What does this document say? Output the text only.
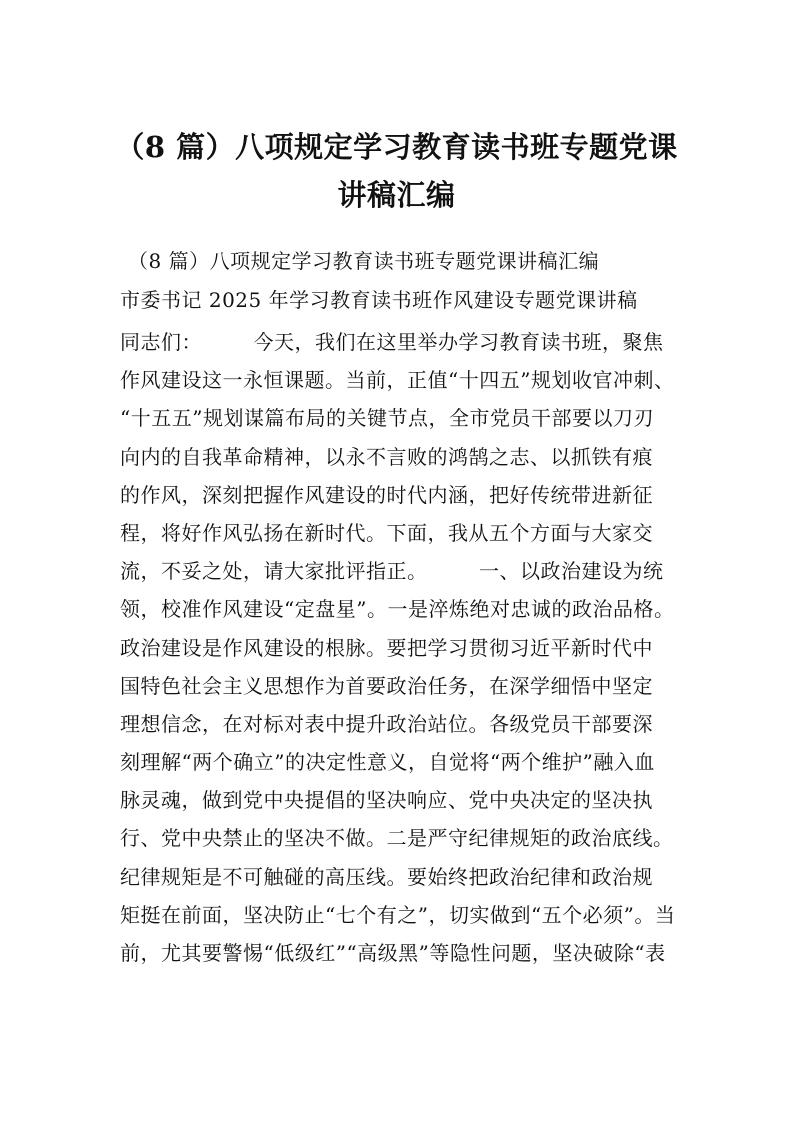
（8 篇）八项规定学习教育读书班专题党课
讲稿汇编

（8 篇）八项规定学习教育读书班专题党课讲稿汇编

市委书记 2025 年学习教育读书班作风建设专题党课讲稿

同志们：　　　今天，我们在这里举办学习教育读书班，聚焦
作风建设这一永恒课题。当前，正值“十四五”规划收官冲刺、
“十五五”规划谋篇布局的关键节点，全市党员干部要以刀刃
向内的自我革命精神，以永不言败的鸿鹄之志、以抓铁有痕
的作风，深刻把握作风建设的时代内涵，把好传统带进新征
程，将好作风弘扬在新时代。下面，我从五个方面与大家交
流，不妥之处，请大家批评指正。　　　一、以政治建设为统
领，校准作风建设“定盘星”。一是淬炼绝对忠诚的政治品格。
政治建设是作风建设的根脉。要把学习贯彻习近平新时代中
国特色社会主义思想作为首要政治任务，在深学细悟中坚定
理想信念，在对标对表中提升政治站位。各级党员干部要深
刻理解“两个确立”的决定性意义，自觉将“两个维护”融入血
脉灵魂，做到党中央提倡的坚决响应、党中央决定的坚决执
行、党中央禁止的坚决不做。二是严守纪律规矩的政治底线。
纪律规矩是不可触碰的高压线。要始终把政治纪律和政治规
矩挺在前面，坚决防止“七个有之”，切实做到“五个必须”。当
前，尤其要警惕“低级红”“高级黑”等隐性问题，坚决破除“表
